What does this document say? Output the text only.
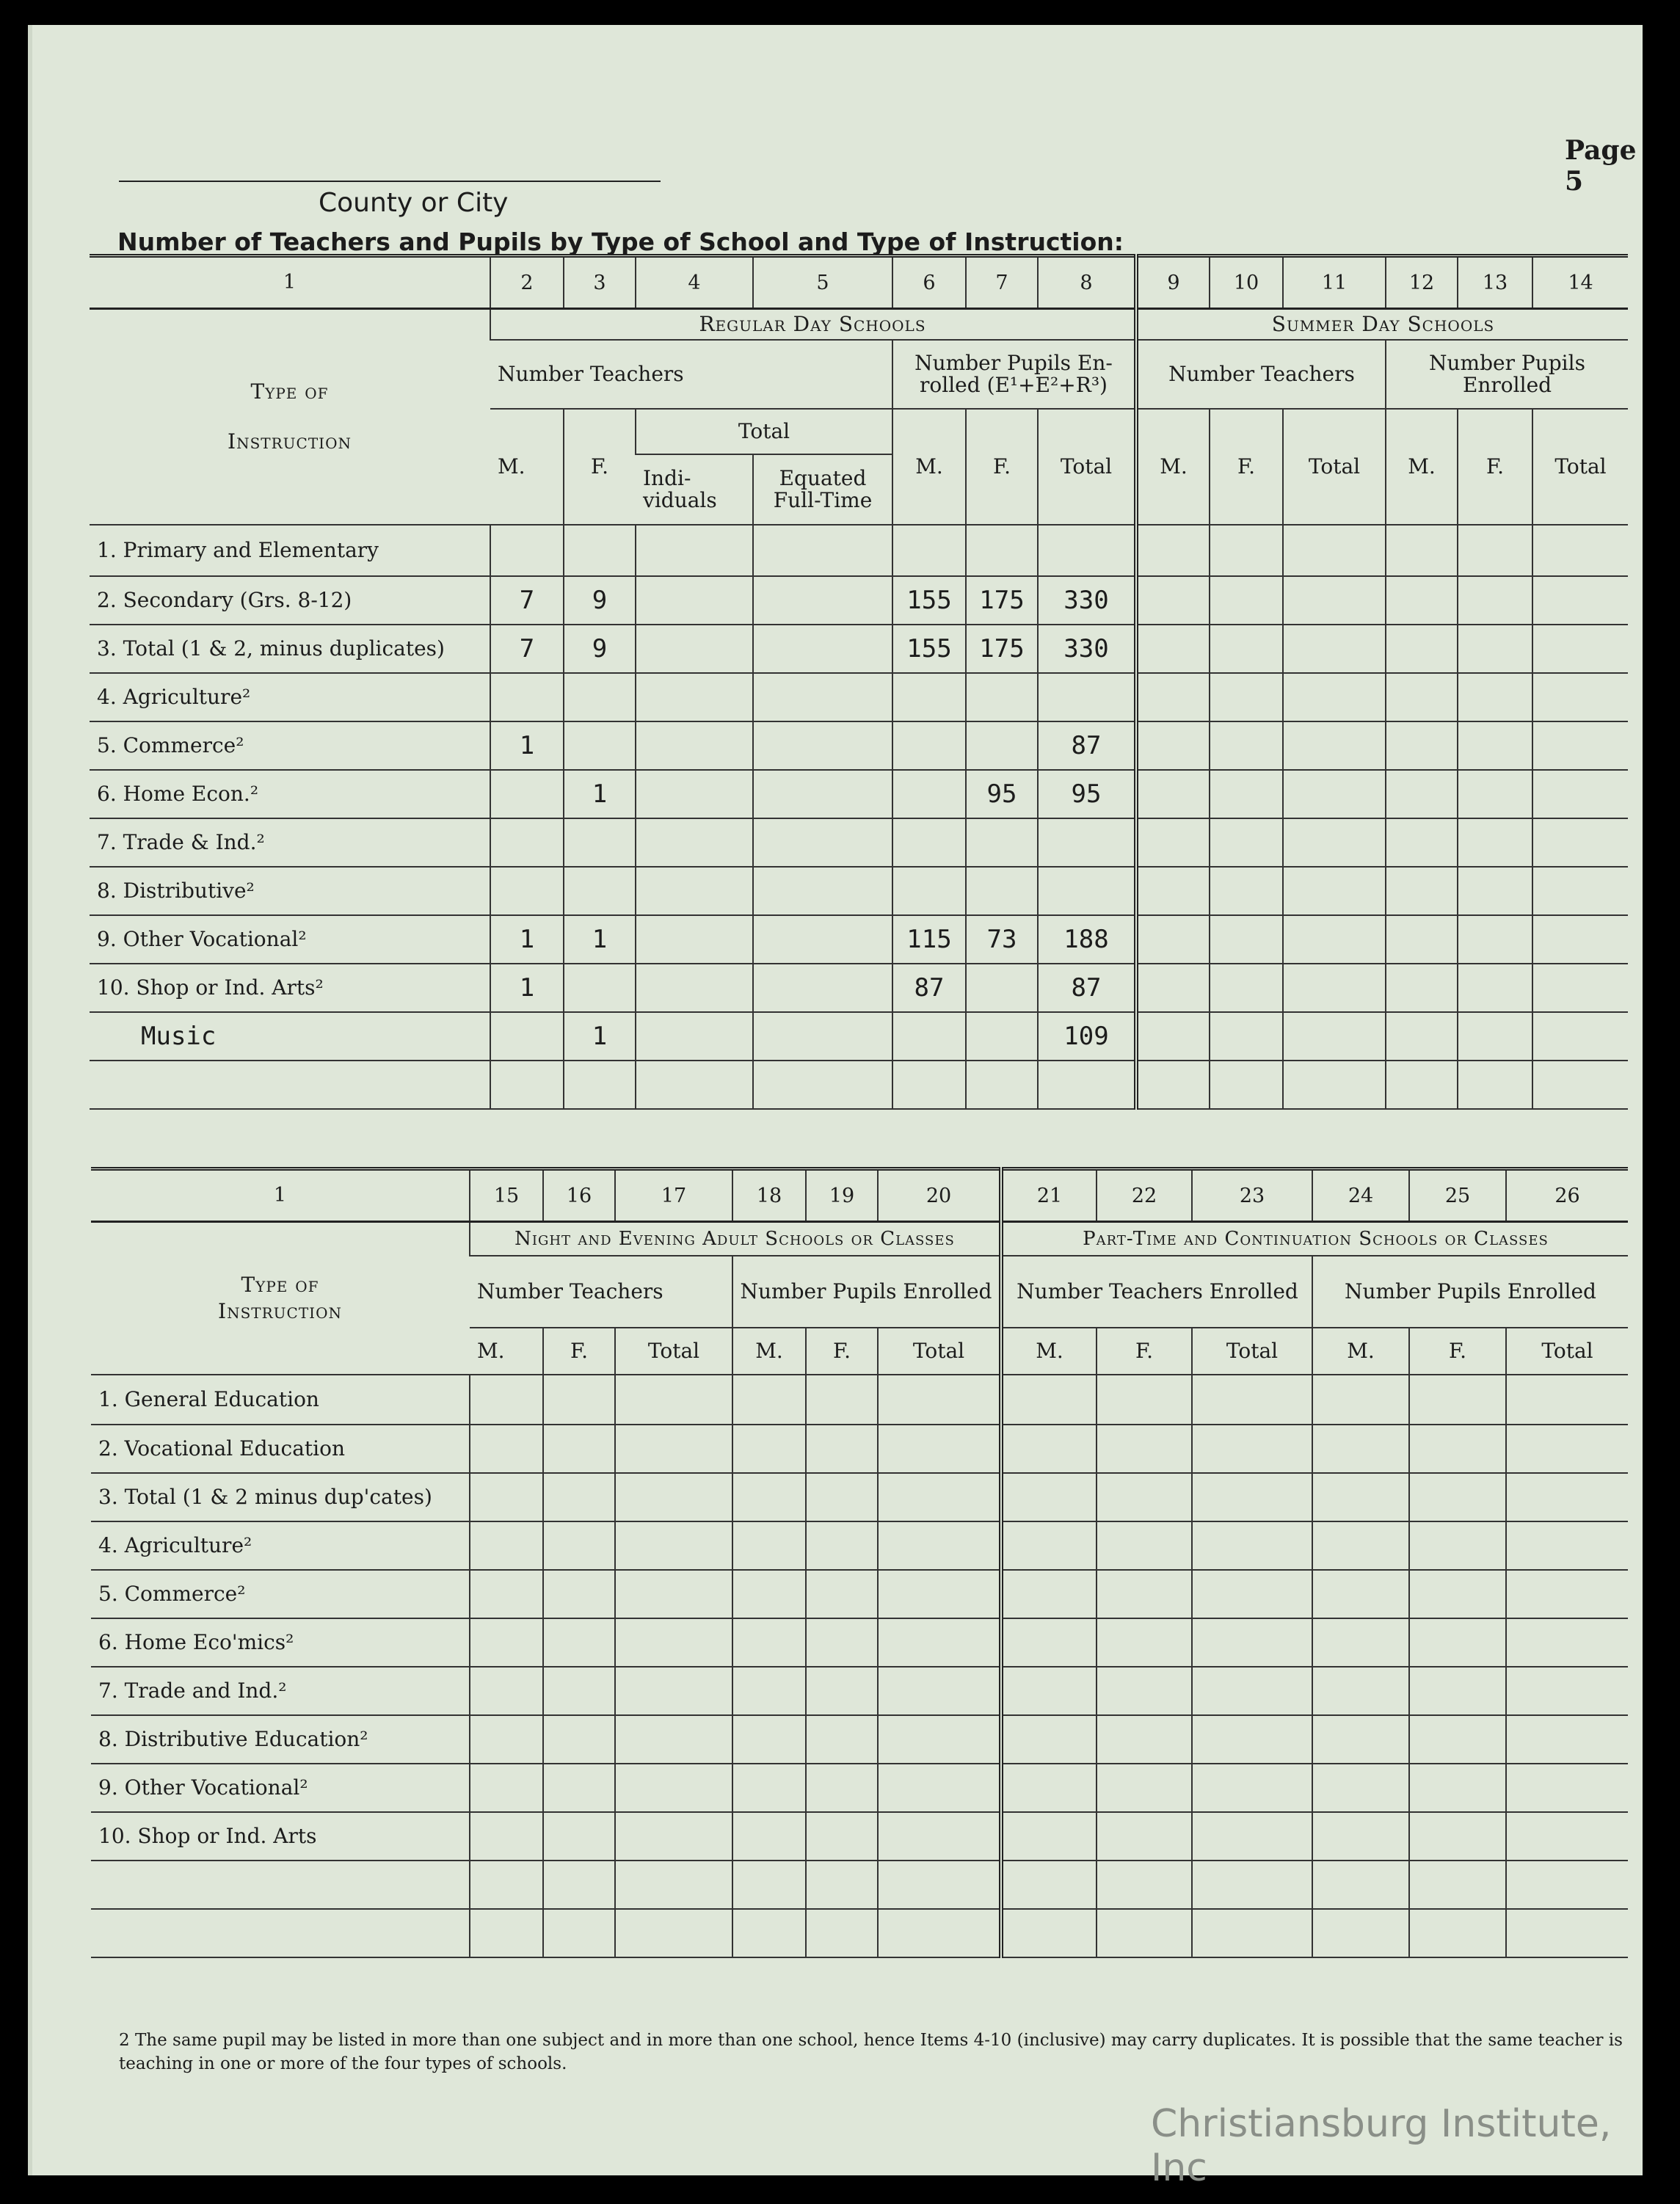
Page 5
County or City
Number of Teachers and Pupils by Type of School and Type of Instruction:
1	2	3	4	5	6	7	8	9	10	11	12	13	14

Type of
Instruction	Regular Day Schools							Summer Day Schools					
	Number Teachers				Number Pupils En-rolled (E¹+E²+R³)			Number Teachers			Number Pupils Enrolled		
	M.	F.	Total		M.	F.	Total	M.	F.	Total	M.	F.	Total
			Indi-viduals	Equated Full-Time									
1. Primary and Elementary													
2. Secondary (Grs. 8-12)	7	9			155	175	330						
3. Total (1 & 2, minus duplicates)	7	9			155	175	330						
4. Agriculture²													
5. Commerce²	1						87						
6. Home Econ.²		1				95	95						
7. Trade & Ind.²													
8. Distributive²													
9. Other Vocational²	1	1			115	73	188						
10. Shop or Ind. Arts²	1				87		87						
Music		1					109						

1	15	16	17	18	19	20	21	22	23	24	25	26

Type of
Instruction	Night and Evening Adult Schools or Classes						Part-Time and Continuation Schools or Classes					
	Number Teachers			Number Pupils Enrolled			Number Teachers Enrolled			Number Pupils Enrolled		
	M.	F.	Total	M.	F.	Total	M.	F.	Total	M.	F.	Total
1. General Education												
2. Vocational Education												
3. Total (1 & 2 minus dup'cates)												
4. Agriculture²												
5. Commerce²												
6. Home Eco'mics²												
7. Trade and Ind.²												
8. Distributive Education²												
9. Other Vocational²												
10. Shop or Ind. Arts												

2 The same pupil may be listed in more than one subject and in more than one school, hence Items 4-10 (inclusive) may carry duplicates. It is possible that the same teacher is teaching in one or more of the four types of schools.
Christiansburg Institute, Inc
